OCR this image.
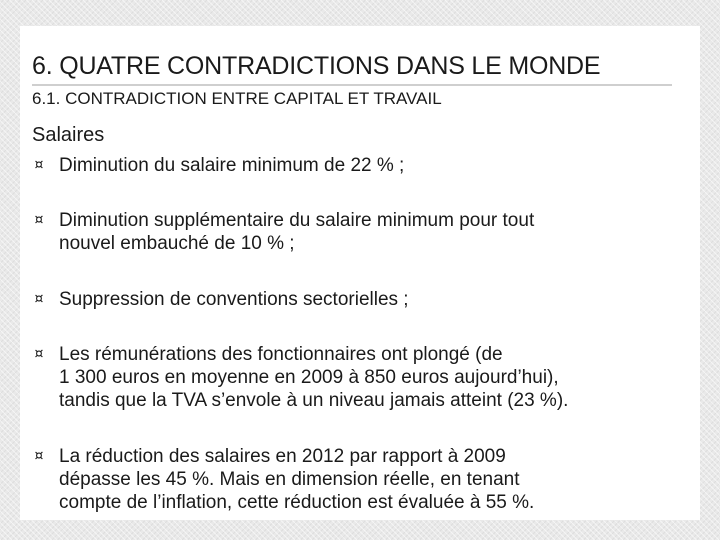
6. QUATRE CONTRADICTIONS DANS LE MONDE
6.1. CONTRADICTION ENTRE CAPITAL ET TRAVAIL
Salaires
¤ Diminution du salaire minimum de 22 % ;
¤ Diminution supplémentaire du salaire minimum pour tout
nouvel embauché de 10 % ;
¤ Suppression de conventions sectorielles ;
¤ Les rémunérations des fonctionnaires ont plongé (de
1 300 euros en moyenne en 2009 à 850 euros aujourd’hui),
tandis que la TVA s’envole à un niveau jamais atteint (23 %).
¤ La réduction des salaires en 2012 par rapport à 2009
dépasse les 45 %. Mais en dimension réelle, en tenant
compte de l’inflation, cette réduction est évaluée à 55 %.
